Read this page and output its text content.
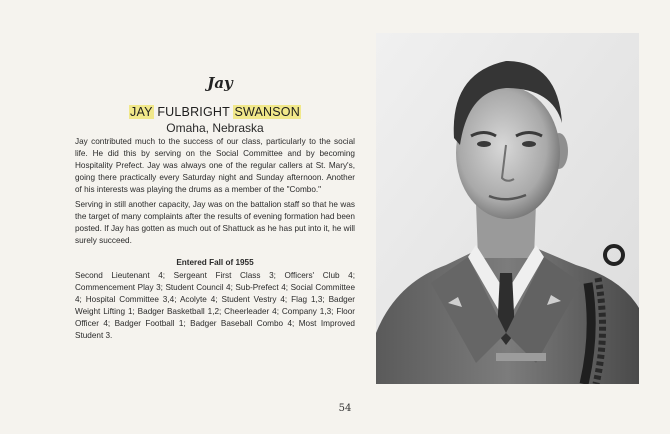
Jay
JAY FULBRIGHT SWANSON
Omaha, Nebraska

Jay contributed much to the success of our class, particularly to the social life. He did this by serving on the Social Committee and by becoming Hospitality Prefect. Jay was always one of the regular callers at St. Mary's, going there practically every Saturday night and Sunday afternoon. Another of his interests was playing the drums as a member of the "Combo."

Serving in still another capacity, Jay was on the battalion staff so that he was the target of many complaints after the results of evening formation had been posted. If Jay has gotten as much out of Shattuck as he has put into it, he will surely succeed.

Entered Fall of 1955
Second Lieutenant 4; Sergeant First Class 3; Officers' Club 4; Commencement Play 3; Student Council 4; Sub-Prefect 4; Social Committee 4; Hospital Committee 3,4; Acolyte 4; Student Vestry 4; Flag 1,3; Badger Weight Lifting 1; Badger Basketball 1,2; Cheerleader 4; Company 1,3; Floor Officer 4; Badger Football 1; Badger Baseball Combo 4; Most Improved Student 3.
54
